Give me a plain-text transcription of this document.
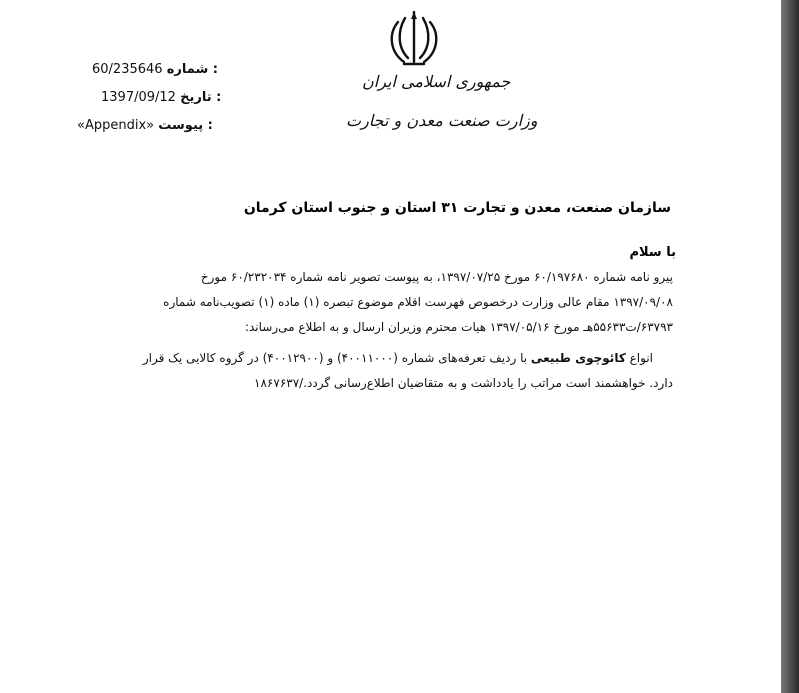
جمهوری اسلامی ایران
وزارت صنعت معدن و تجارت
60/235646 شماره :
1397/09/12 تاریخ :
«Appendix» پیوست :
سازمان صنعت، معدن و تجارت ۳۱ استان و جنوب استان کرمان
با سلام
پیرو نامه شماره ۶۰/۱۹۷۶۸۰ مورخ ۱۳۹۷/۰۷/۲۵، به پیوست تصویر نامه شماره ۶۰/۲۳۲۰۳۴ مورخ
۱۳۹۷/۰۹/۰۸ مقام عالی وزارت درخصوص فهرست اقلام موضوع تبصره (۱) ماده (۱) تصویب‌نامه شماره
۶۳۷۹۳/ت۵۵۶۳۳هـ مورخ ۱۳۹۷/۰۵/۱۶ هیات محترم وزیران ارسال و به اطلاع می‌رساند:
انواع کائوچوی طبیعی با ردیف تعرفه‌های شماره (۴۰۰۱۱۰۰۰) و (۴۰۰۱۲۹۰۰) در گروه کالایی یک قرار
دارد. خواهشمند است مراتب را یادداشت و به متقاضیان اطلاع‌رسانی گردد./۱۸۶۷۶۳۷
